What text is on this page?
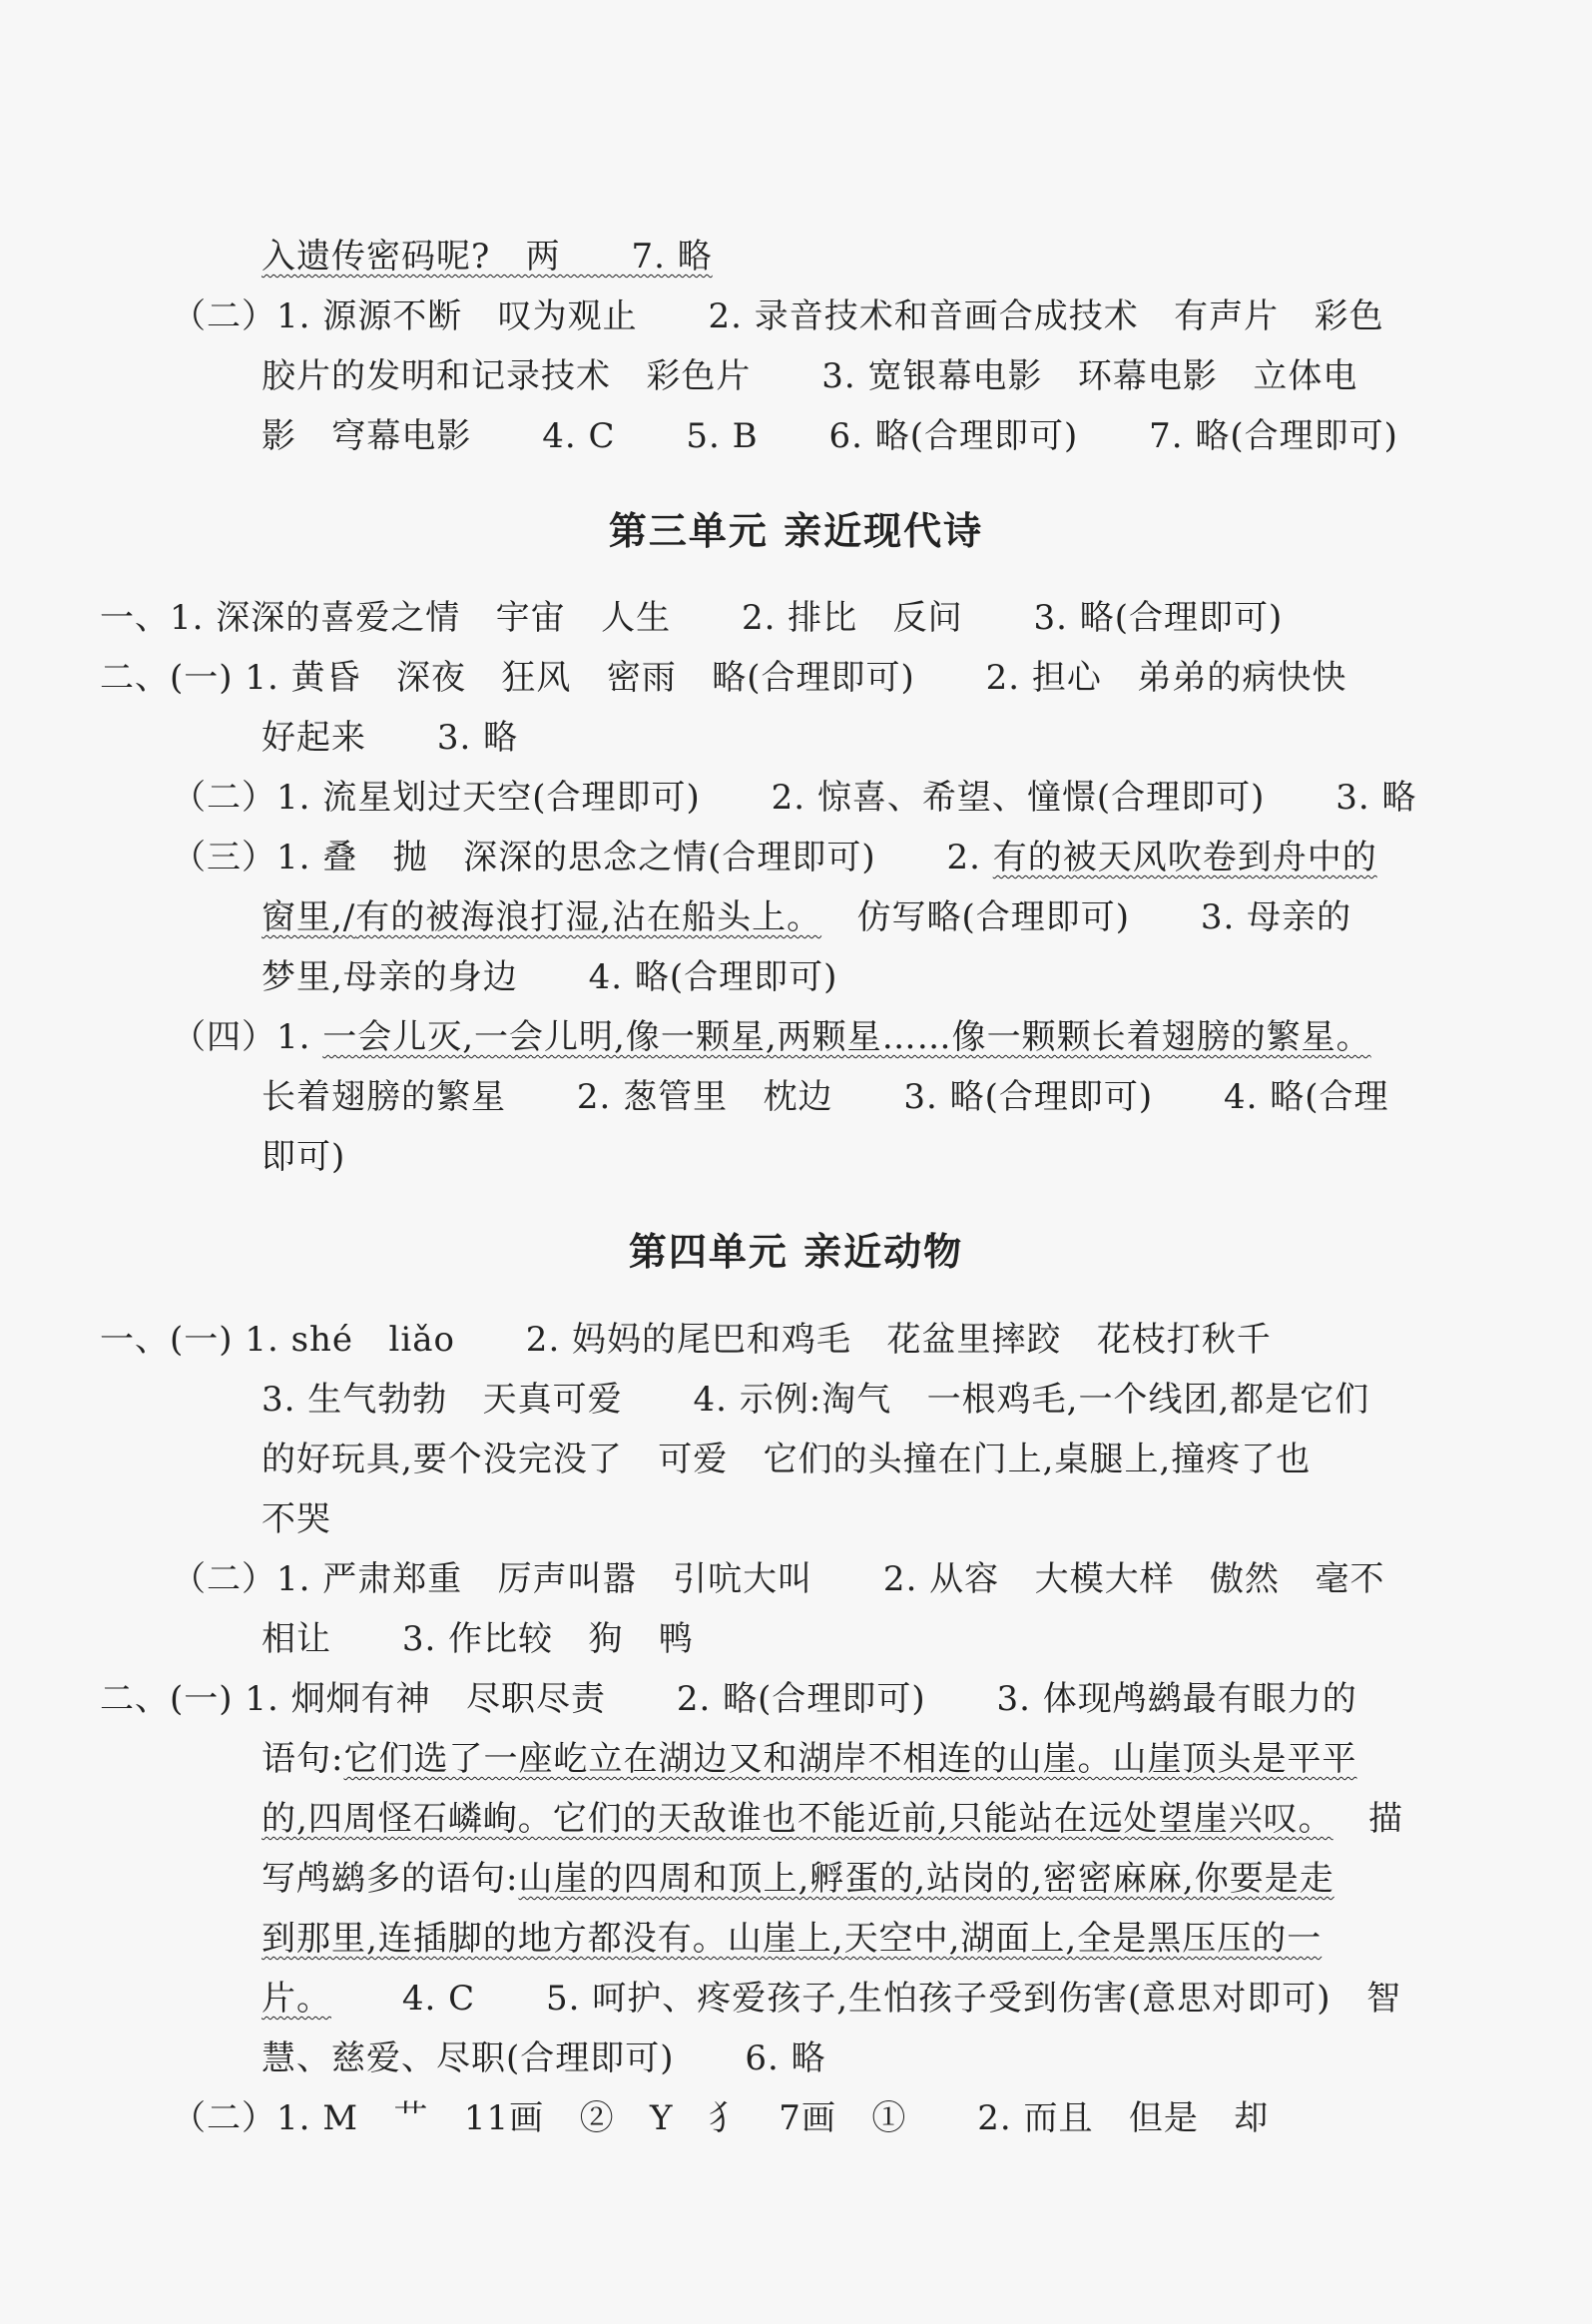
入遗传密码呢?   两      7. 略
（二）1. 源源不断   叹为观止      2. 录音技术和音画合成技术   有声片   彩色
胶片的发明和记录技术   彩色片      3. 宽银幕电影   环幕电影   立体电
影   穹幕电影      4. C      5. B      6. 略(合理即可)      7. 略(合理即可)
第三单元 亲近现代诗
一、1. 深深的喜爱之情   宇宙   人生      2. 排比   反问      3. 略(合理即可)
二、(一) 1. 黄昏   深夜   狂风   密雨   略(合理即可)      2. 担心   弟弟的病快快
好起来      3. 略
（二）1. 流星划过天空(合理即可)      2. 惊喜、希望、憧憬(合理即可)      3. 略
（三）1. 叠   抛   深深的思念之情(合理即可)      2. 有的被天风吹卷到舟中的
窗里,/有的被海浪打湿,沾在船头上。   仿写略(合理即可)      3. 母亲的
梦里,母亲的身边      4. 略(合理即可)
（四）1. 一会儿灭,一会儿明,像一颗星,两颗星……像一颗颗长着翅膀的繁星。
长着翅膀的繁星      2. 葱管里   枕边      3. 略(合理即可)      4. 略(合理
即可)
第四单元 亲近动物
一、(一) 1. shé   liǎo      2. 妈妈的尾巴和鸡毛   花盆里摔跤   花枝打秋千
3. 生气勃勃   天真可爱      4. 示例:淘气   一根鸡毛,一个线团,都是它们
的好玩具,要个没完没了   可爱   它们的头撞在门上,桌腿上,撞疼了也
不哭
（二）1. 严肃郑重   厉声叫嚣   引吭大叫      2. 从容   大模大样   傲然   毫不
相让      3. 作比较   狗   鸭
二、(一) 1. 炯炯有神   尽职尽责      2. 略(合理即可)      3. 体现鸬鹚最有眼力的
语句:它们选了一座屹立在湖边又和湖岸不相连的山崖。山崖顶头是平平
的,四周怪石嶙峋。它们的天敌谁也不能近前,只能站在远处望崖兴叹。   描
写鸬鹚多的语句:山崖的四周和顶上,孵蛋的,站岗的,密密麻麻,你要是走
到那里,连插脚的地方都没有。山崖上,天空中,湖面上,全是黑压压的一
片。      4. C      5. 呵护、疼爱孩子,生怕孩子受到伤害(意思对即可)   智
慧、慈爱、尽职(合理即可)      6. 略
（二）1. M   艹   11画   ②   Y   犭   7画   ①      2. 而且   但是   却
